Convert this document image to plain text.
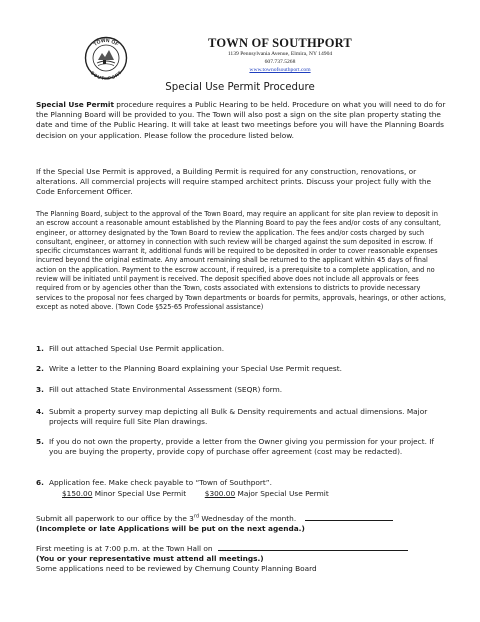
TOWN OF
SOUTHPORT
TOWN OF SOUTHPORT
1139 Pennsylvania Avenue, Elmira, NY 14904
607.737.5268
www.townofsouthport.com
Special Use Permit Procedure

Special Use Permit procedure requires a Public Hearing to be held. Procedure on what you will need to do for the Planning Board will be provided to you. The Town will also post a sign on the site plan property stating the date and time of the Public Hearing. It will take at least two meetings before you will have the Planning Boards decision on your application. Please follow the procedure listed below.

If the Special Use Permit is approved, a Building Permit is required for any construction, renovations, or alterations. All commercial projects will require stamped architect prints. Discuss your project fully with the Code Enforcement Officer.

The Planning Board, subject to the approval of the Town Board, may require an applicant for site plan review to deposit in an escrow account a reasonable amount established by the Planning Board to pay the fees and/or costs of any consultant, engineer, or attorney designated by the Town Board to review the application. The fees and/or costs charged by such consultant, engineer, or attorney in connection with such review will be charged against the sum deposited in escrow. If specific circumstances warrant it, additional funds will be required to be deposited in order to cover reasonable expenses incurred beyond the original estimate. Any amount remaining shall be returned to the applicant within 45 days of final action on the application. Payment to the escrow account, if required, is a prerequisite to a complete application, and no review will be initiated until payment is received. The deposit specified above does not include all approvals or fees required from or by agencies other than the Town, costs associated with extensions to districts to provide necessary services to the proposal nor fees charged by Town departments or boards for permits, approvals, hearings, or other actions, except as noted above. (Town Code §525-65 Professional assistance)

1. Fill out attached Special Use Permit application.
2. Write a letter to the Planning Board explaining your Special Use Permit request.
3. Fill out attached State Environmental Assessment (SEQR) form.
4. Submit a property survey map depicting all Bulk & Density requirements and actual dimensions. Major projects will require full Site Plan drawings.
5. If you do not own the property, provide a letter from the Owner giving you permission for your project. If you are buying the property, provide copy of purchase offer agreement (cost may be redacted).
6. Application fee. Make check payable to “Town of Southport”.
$150.00 Minor Special Use Permit	$300.00 Major Special Use Permit

Submit all paperwork to our office by the 3rd Wednesday of the month.

(Incomplete or late Applications will be put on the next agenda.)

First meeting is at 7:00 p.m. at the Town Hall on

(You or your representative must attend all meetings.)

Some applications need to be reviewed by Chemung County Planning Board
